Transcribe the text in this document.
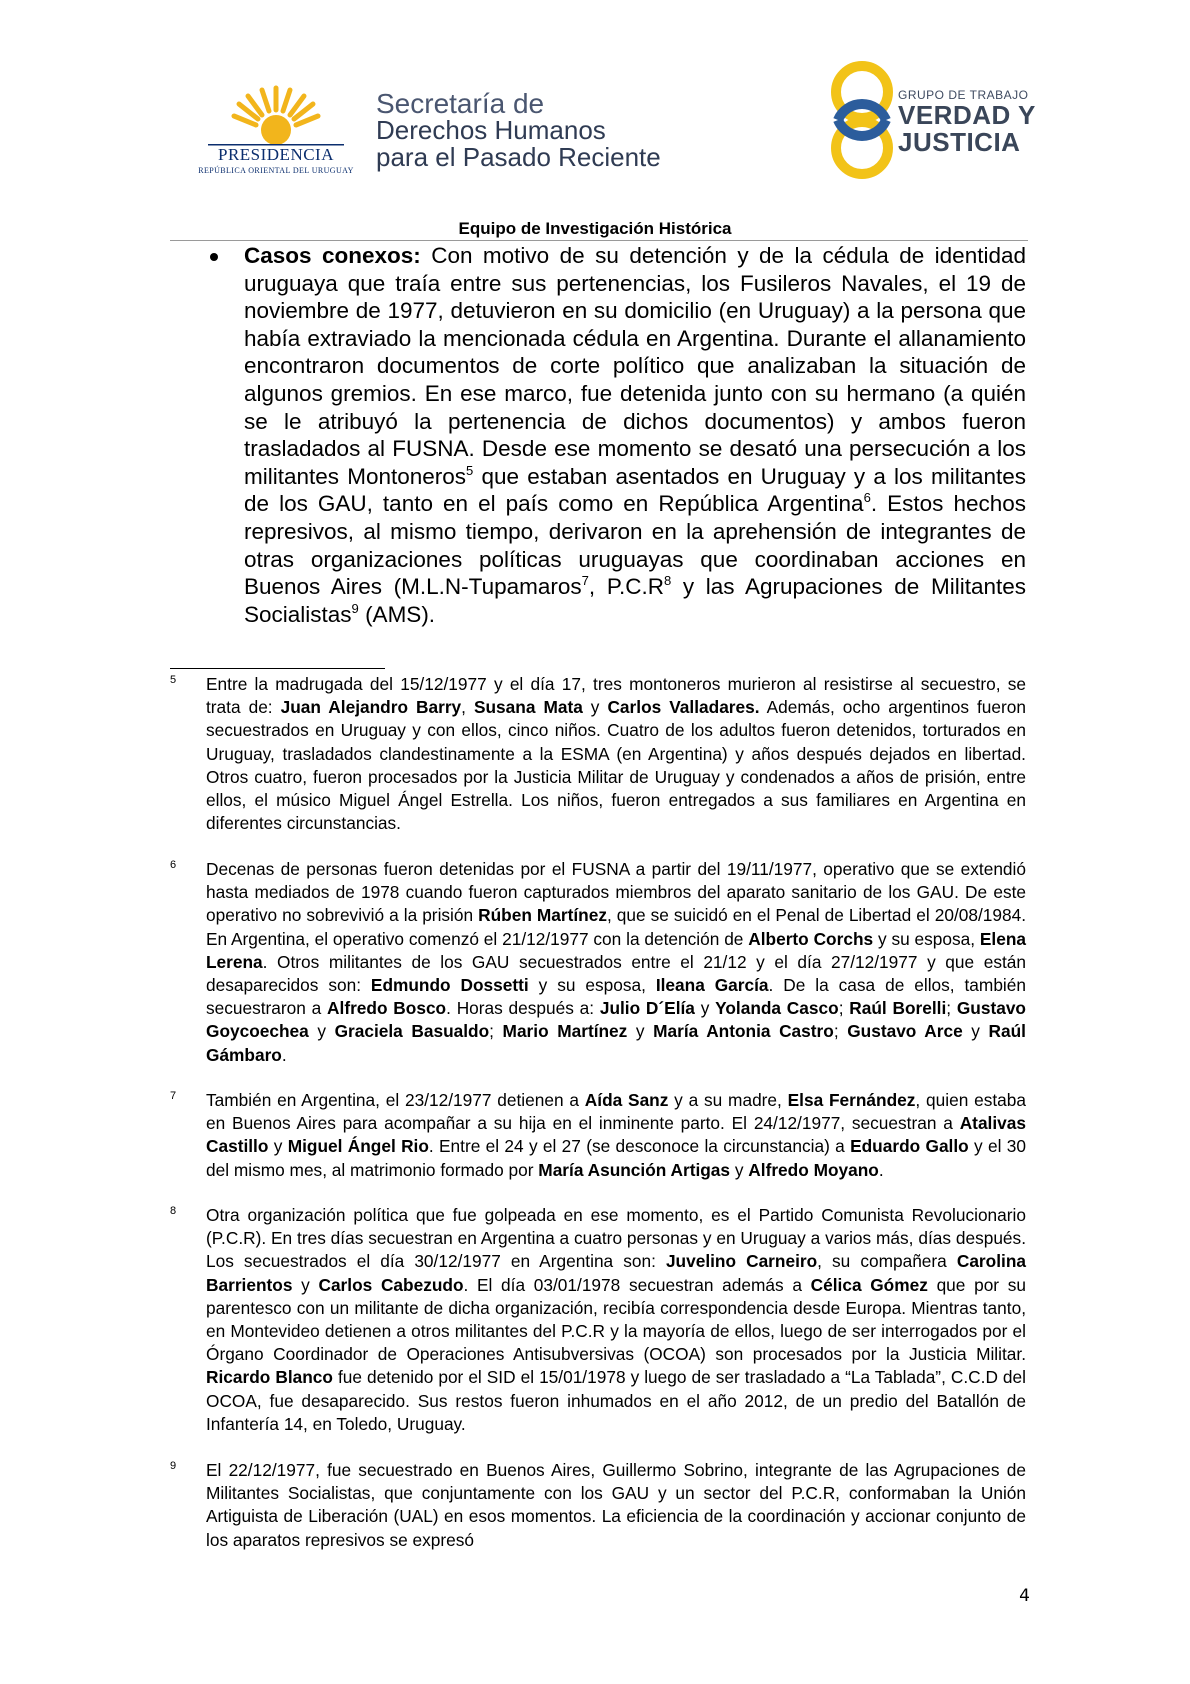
PRESIDENCIA
REPÚBLICA ORIENTAL DEL URUGUAY
Secretaría de
Derechos Humanos
para el Pasado Reciente
GRUPO DE TRABAJO
VERDAD Y
JUSTICIA
Equipo de Investigación Histórica

Casos conexos: Con motivo de su detención y de la cédula de identidad uruguaya que traía entre sus pertenencias, los Fusileros Navales, el 19 de noviembre de 1977, detuvieron en su domicilio (en Uruguay) a la persona que había extraviado la mencionada cédula en Argentina. Durante el allanamiento encontraron documentos de corte político que analizaban la situación de algunos gremios. En ese marco, fue detenida junto con su hermano (a quién se le atribuyó la pertenencia de dichos documentos) y ambos fueron trasladados al FUSNA. Desde ese momento se desató una persecución a los militantes Montoneros$^5$ que estaban asentados en Uruguay y a los militantes de los GAU, tanto en el país como en República Argentina$^6$. Estos hechos represivos, al mismo tiempo, derivaron en la aprehensión de integrantes de otras organizaciones políticas uruguayas que coordinaban acciones en Buenos Aires (M.L.N-Tupamaros$^7$, $P.C.R^8$ y las Agrupaciones de Militantes Socialistas$^9$ (AMS).

5 Entre la madrugada del 15/12/1977 y el día 17, tres montoneros murieron al resistirse al secuestro, se trata de: Juan Alejandro Barry, Susana Mata y Carlos Valladares. Además, ocho argentinos fueron secuestrados en Uruguay y con ellos, cinco niños. Cuatro de los adultos fueron detenidos, torturados en Uruguay, trasladados clandestinamente a la ESMA (en Argentina) y años después dejados en libertad. Otros cuatro, fueron procesados por la Justicia Militar de Uruguay y condenados a años de prisión, entre ellos, el músico Miguel Ángel Estrella. Los niños, fueron entregados a sus familiares en Argentina en diferentes circunstancias.

6 Decenas de personas fueron detenidas por el FUSNA a partir del 19/11/1977, operativo que se extendió hasta mediados de 1978 cuando fueron capturados miembros del aparato sanitario de los GAU. De este operativo no sobrevivió a la prisión Rúben Martínez, que se suicidó en el Penal de Libertad el 20/08/1984. En Argentina, el operativo comenzó el 21/12/1977 con la detención de Alberto Corchs y su esposa, Elena Lerena. Otros militantes de los GAU secuestrados entre el 21/12 y el día 27/12/1977 y que están desaparecidos son: Edmundo Dossetti y su esposa, Ileana García. De la casa de ellos, también secuestraron a Alfredo Bosco. Horas después a: Julio D´Elía y Yolanda Casco; Raúl Borelli; Gustavo Goycoechea y Graciela Basualdo; Mario Martínez y María Antonia Castro; Gustavo Arce y Raúl Gámbaro.

7 También en Argentina, el 23/12/1977 detienen a Aída Sanz y a su madre, Elsa Fernández, quien estaba en Buenos Aires para acompañar a su hija en el inminente parto. El 24/12/1977, secuestran a Atalivas Castillo y Miguel Ángel Rio. Entre el 24 y el 27 (se desconoce la circunstancia) a Eduardo Gallo y el 30 del mismo mes, al matrimonio formado por María Asunción Artigas y Alfredo Moyano.

8 Otra organización política que fue golpeada en ese momento, es el Partido Comunista Revolucionario (P.C.R). En tres días secuestran en Argentina a cuatro personas y en Uruguay a varios más, días después. Los secuestrados el día 30/12/1977 en Argentina son: Juvelino Carneiro, su compañera Carolina Barrientos y Carlos Cabezudo. El día 03/01/1978 secuestran además a Célica Gómez que por su parentesco con un militante de dicha organización, recibía correspondencia desde Europa. Mientras tanto, en Montevideo detienen a otros militantes del P.C.R y la mayoría de ellos, luego de ser interrogados por el Órgano Coordinador de Operaciones Antisubversivas (OCOA) son procesados por la Justicia Militar. Ricardo Blanco fue detenido por el SID el 15/01/1978 y luego de ser trasladado a “La Tablada”, C.C.D del OCOA, fue desaparecido. Sus restos fueron inhumados en el año 2012, de un predio del Batallón de Infantería 14, en Toledo, Uruguay.

9 El 22/12/1977, fue secuestrado en Buenos Aires, Guillermo Sobrino, integrante de las Agrupaciones de Militantes Socialistas, que conjuntamente con los GAU y un sector del P.C.R, conformaban la Unión Artiguista de Liberación (UAL) en esos momentos. La eficiencia de la coordinación y accionar conjunto de los aparatos represivos se expresó

4
